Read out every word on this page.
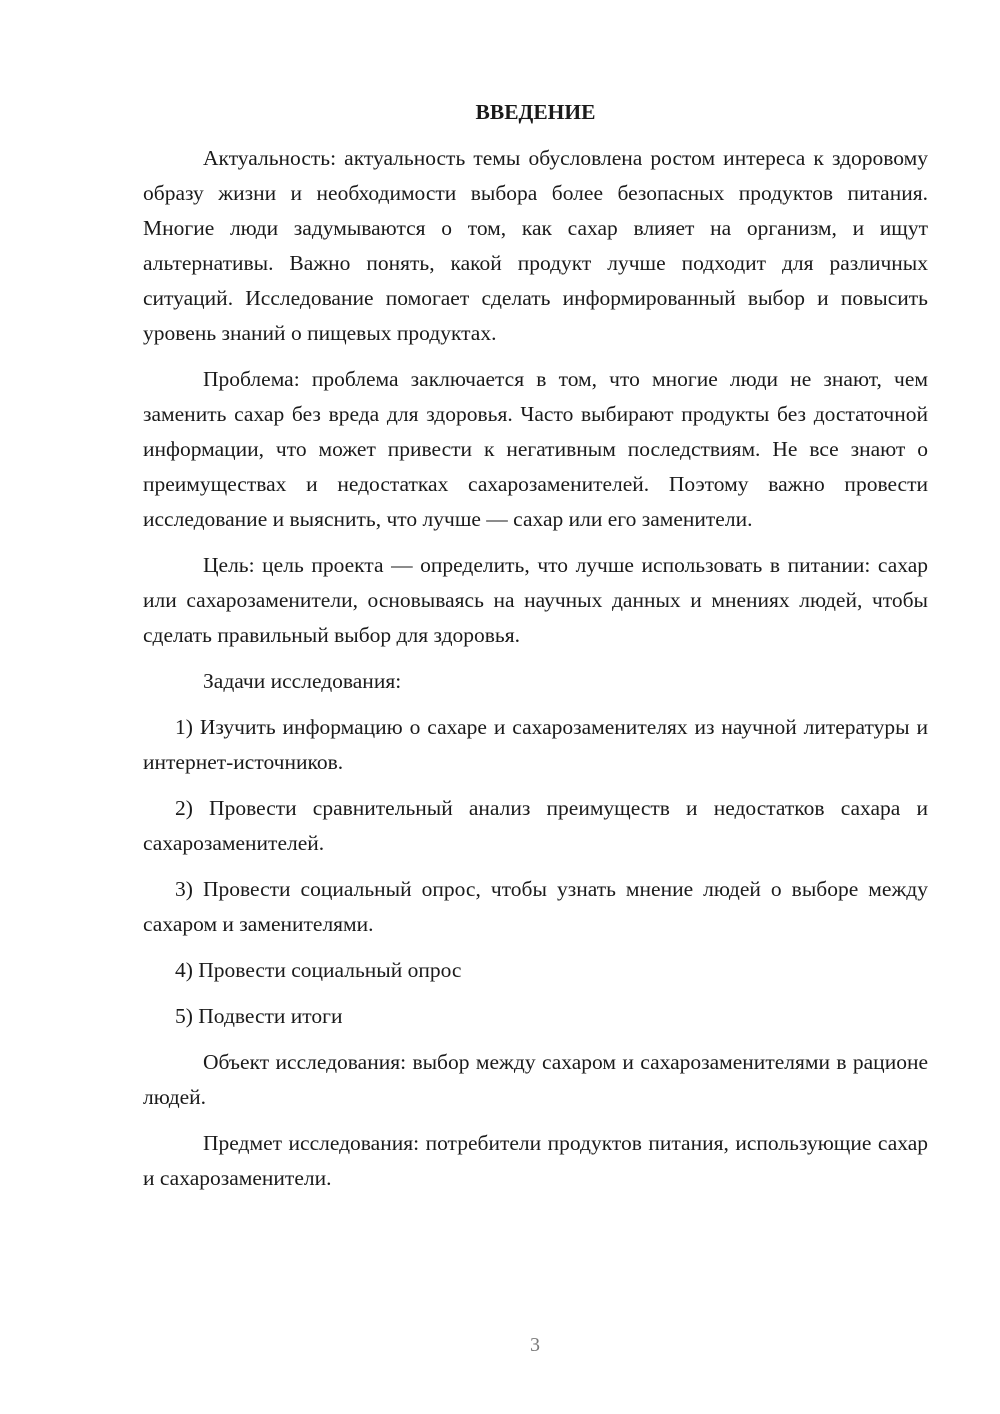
ВВЕДЕНИЕ

Актуальность: актуальность темы обусловлена ростом интереса к здоровому образу жизни и необходимости выбора более безопасных продуктов питания. Многие люди задумываются о том, как сахар влияет на организм, и ищут альтернативы. Важно понять, какой продукт лучше подходит для различных ситуаций. Исследование помогает сделать информированный выбор и повысить уровень знаний о пищевых продуктах.

Проблема: проблема заключается в том, что многие люди не знают, чем заменить сахар без вреда для здоровья. Часто выбирают продукты без достаточной информации, что может привести к негативным последствиям. Не все знают о преимуществах и недостатках сахарозаменителей. Поэтому важно провести исследование и выяснить, что лучше — сахар или его заменители.

Цель: цель проекта — определить, что лучше использовать в питании: сахар или сахарозаменители, основываясь на научных данных и мнениях людей, чтобы сделать правильный выбор для здоровья.

Задачи исследования:

1) Изучить информацию о сахаре и сахарозаменителях из научной литературы и интернет-источников.

2) Провести сравнительный анализ преимуществ и недостатков сахара и сахарозаменителей.

3) Провести социальный опрос, чтобы узнать мнение людей о выборе между сахаром и заменителями.

4) Провести социальный опрос

5) Подвести итоги

Объект исследования: выбор между сахаром и сахарозаменителями в рационе людей.

Предмет исследования: потребители продуктов питания, использующие сахар и сахарозаменители.

3
